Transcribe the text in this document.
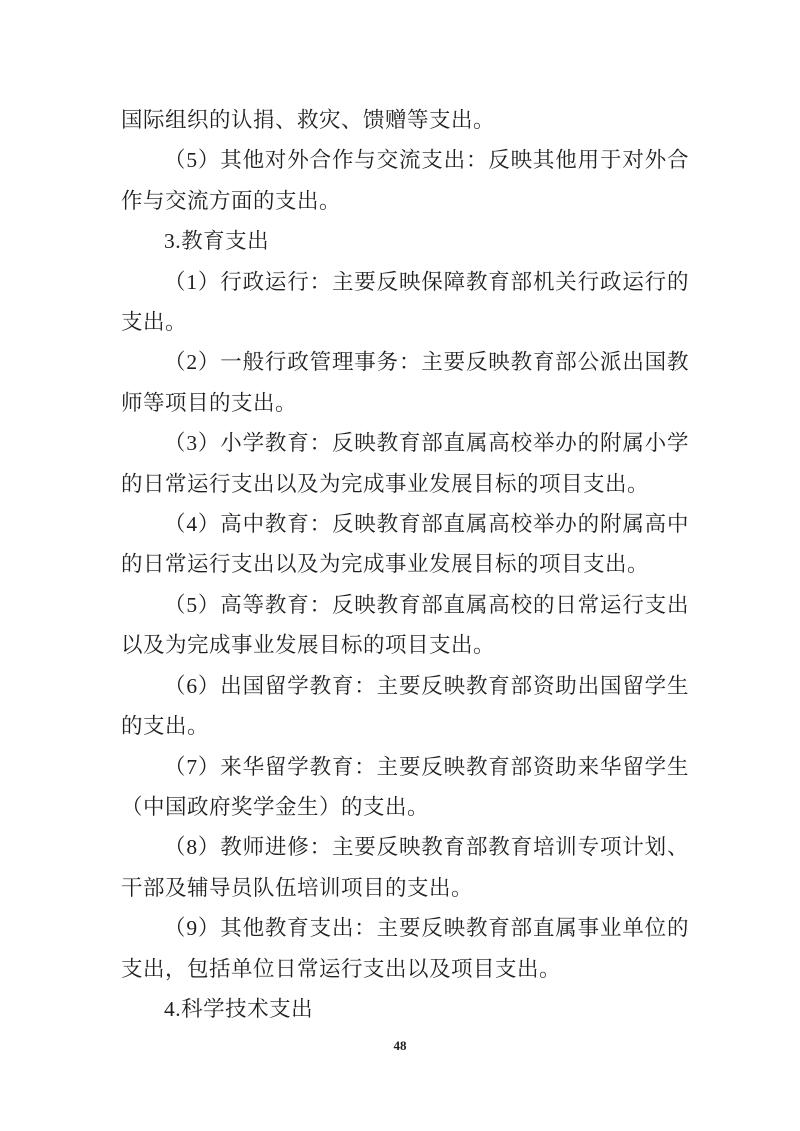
国际组织的认捐、救灾、馈赠等支出。

（5）其他对外合作与交流支出：反映其他用于对外合作与交流方面的支出。

3.教育支出

（1）行政运行：主要反映保障教育部机关行政运行的支出。

（2）一般行政管理事务：主要反映教育部公派出国教师等项目的支出。

（3）小学教育：反映教育部直属高校举办的附属小学的日常运行支出以及为完成事业发展目标的项目支出。

（4）高中教育：反映教育部直属高校举办的附属高中的日常运行支出以及为完成事业发展目标的项目支出。

（5）高等教育：反映教育部直属高校的日常运行支出以及为完成事业发展目标的项目支出。

（6）出国留学教育：主要反映教育部资助出国留学生的支出。

（7）来华留学教育：主要反映教育部资助来华留学生（中国政府奖学金生）的支出。

（8）教师进修：主要反映教育部教育培训专项计划、干部及辅导员队伍培训项目的支出。

（9）其他教育支出：主要反映教育部直属事业单位的支出，包括单位日常运行支出以及项目支出。

4.科学技术支出

48
